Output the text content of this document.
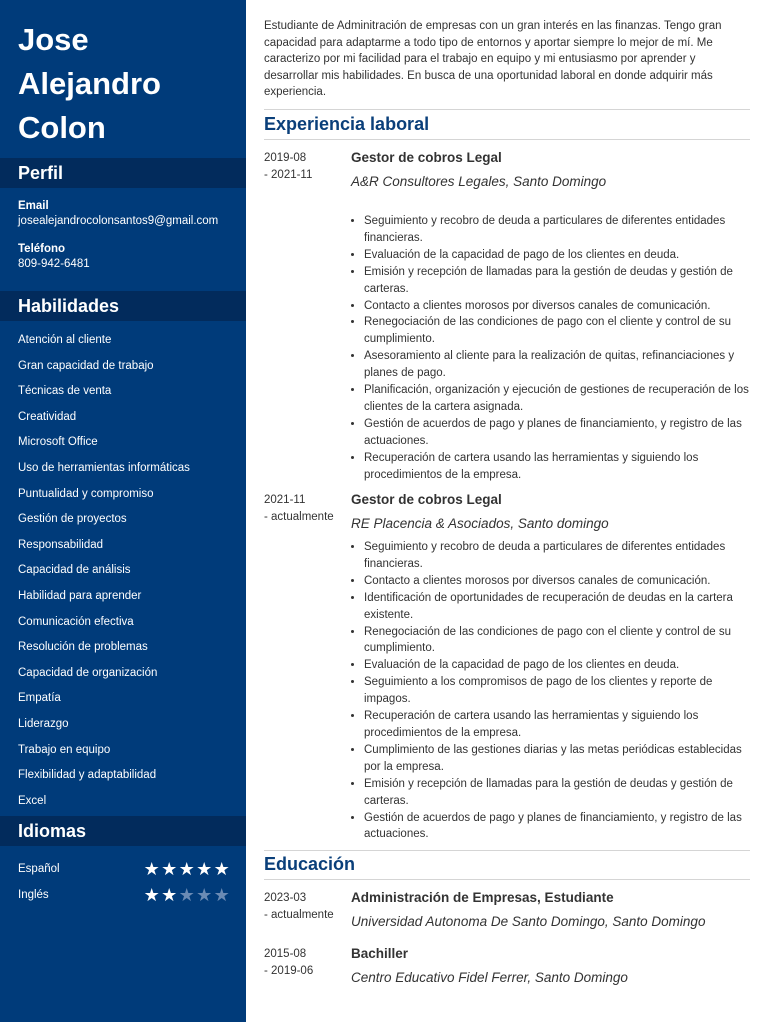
Jose
Alejandro
Colon
Perfil
Email
josealejandrocolonsantos9@gmail.com
Teléfono
809-942-6481
Habilidades
Atención al cliente
Gran capacidad de trabajo
Técnicas de venta
Creatividad
Microsoft Office
Uso de herramientas informáticas
Puntualidad y compromiso
Gestión de proyectos
Responsabilidad
Capacidad de análisis
Habilidad para aprender
Comunicación efectiva
Resolución de problemas
Capacidad de organización
Empatía
Liderazgo
Trabajo en equipo
Flexibilidad y adaptabilidad
Excel
Idiomas
Español	★ ★ ★ ★ ★
Inglés	★ ★ ★ ★ ★

Estudiante de Adminitración de empresas con un gran interés en las finanzas. Tengo gran capacidad para adaptarme a todo tipo de entornos y aportar siempre lo mejor de mí. Me caracterizo por mi facilidad para el trabajo en equipo y mi entusiasmo por aprender y desarrollar mis habilidades. En busca de una oportunidad laboral en donde adquirir más experiencia.

Experiencia laboral
2019-08
- 2021-11
Gestor de cobros Legal
A&R Consultores Legales, Santo Domingo
• Seguimiento y recobro de deuda a particulares de diferentes entidades financieras.
• Evaluación de la capacidad de pago de los clientes en deuda.
• Emisión y recepción de llamadas para la gestión de deudas y gestión de carteras.
• Contacto a clientes morosos por diversos canales de comunicación.
• Renegociación de las condiciones de pago con el cliente y control de su cumplimiento.
• Asesoramiento al cliente para la realización de quitas, refinanciaciones y planes de pago.
• Planificación, organización y ejecución de gestiones de recuperación de los clientes de la cartera asignada.
• Gestión de acuerdos de pago y planes de financiamiento, y registro de las actuaciones.
• Recuperación de cartera usando las herramientas y siguiendo los procedimientos de la empresa.
2021-11
- actualmente
Gestor de cobros Legal
RE Placencia & Asociados, Santo domingo
• Seguimiento y recobro de deuda a particulares de diferentes entidades financieras.
• Contacto a clientes morosos por diversos canales de comunicación.
• Identificación de oportunidades de recuperación de deudas en la cartera existente.
• Renegociación de las condiciones de pago con el cliente y control de su cumplimiento.
• Evaluación de la capacidad de pago de los clientes en deuda.
• Seguimiento a los compromisos de pago de los clientes y reporte de impagos.
• Recuperación de cartera usando las herramientas y siguiendo los procedimientos de la empresa.
• Cumplimiento de las gestiones diarias y las metas periódicas establecidas por la empresa.
• Emisión y recepción de llamadas para la gestión de deudas y gestión de carteras.
• Gestión de acuerdos de pago y planes de financiamiento, y registro de las actuaciones.
Educación
2023-03
- actualmente
Administración de Empresas, Estudiante
Universidad Autonoma De Santo Domingo, Santo Domingo
2015-08
- 2019-06
Bachiller
Centro Educativo Fidel Ferrer, Santo Domingo
